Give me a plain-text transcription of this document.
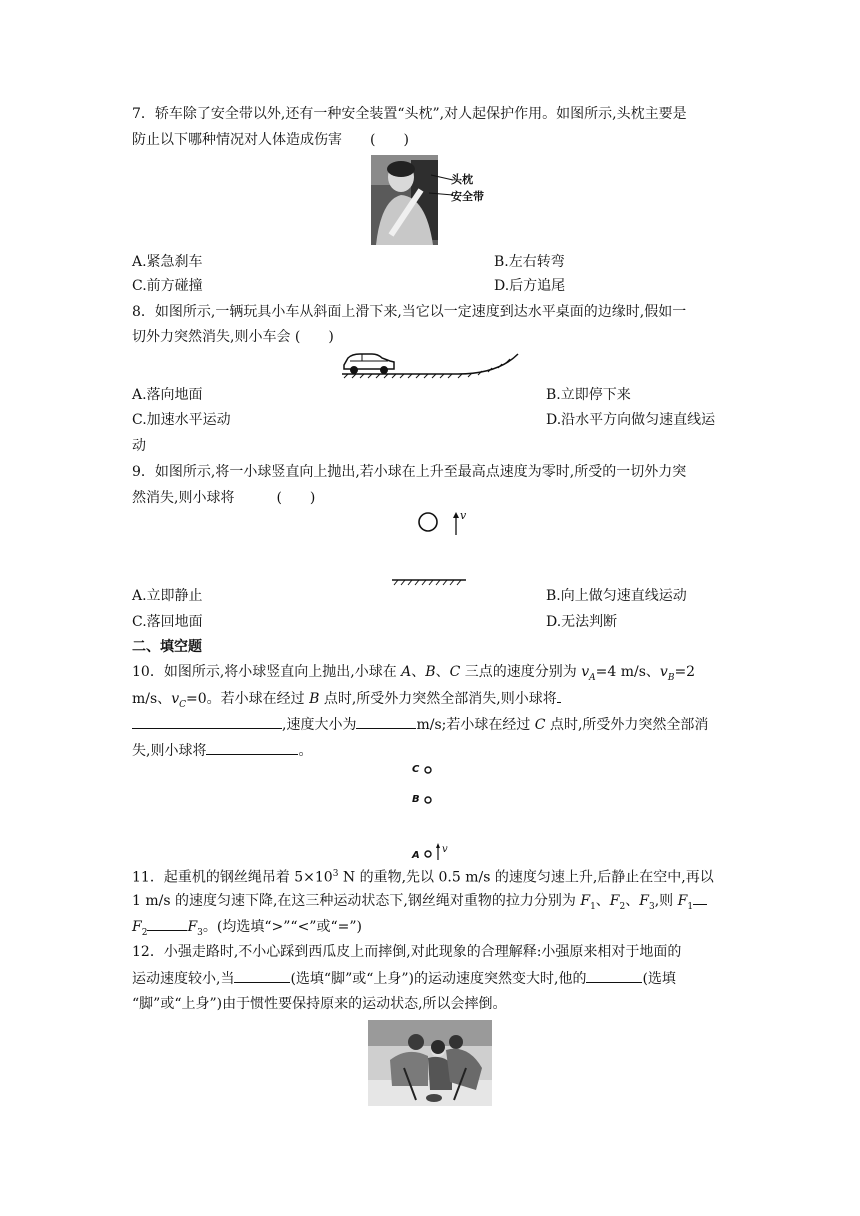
7．轿车除了安全带以外,还有一种安全装置“头枕”,对人起保护作用。如图所示,头枕主要是
防止以下哪种情况对人体造成伤害　　(　　)
头枕
安全带
A.紧急刹车	B.左右转弯
C.前方碰撞	D.后方追尾
8．如图所示,一辆玩具小车从斜面上滑下来,当它以一定速度到达水平桌面的边缘时,假如一
切外力突然消失,则小车会 (　　)
A.落向地面	B.立即停下来
C.加速水平运动	D.沿水平方向做匀速直线运
动
9．如图所示,将一小球竖直向上抛出,若小球在上升至最高点速度为零时,所受的一切外力突
然消失,则小球将　　　(　　)
v
A.立即静止	B.向上做匀速直线运动
C.落回地面	D.无法判断
二、填空题
10．如图所示,将小球竖直向上抛出,小球在 A、B、C 三点的速度分别为 $v_A=4$ m/s、$v_B=2$
m/s、$v_C=0$。若小球在经过 B 点时,所受外力突然全部消失,则小球将
,速度大小为	m/s;若小球在经过 C 点时,所受外力突然全部消
失,则小球将	。
C
B
A
v
11．起重机的钢丝绳吊着 $5\times 10^3$ N 的重物,先以 0.5 m/s 的速度匀速上升,后静止在空中,再以
1 m/s 的速度匀速下降,在这三种运动状态下,钢丝绳对重物的拉力分别为 $F_1$、$F_2$、$F_3$,则 $F_1$
$F_2$	$F_3$。(均选填“>”“<”或“=”)
12．小强走路时,不小心踩到西瓜皮上而摔倒,对此现象的合理解释:小强原来相对于地面的
运动速度较小,当	(选填“脚”或“上身”)的运动速度突然变大时,他的	(选填
“脚”或“上身”)由于惯性要保持原来的运动状态,所以会摔倒。
